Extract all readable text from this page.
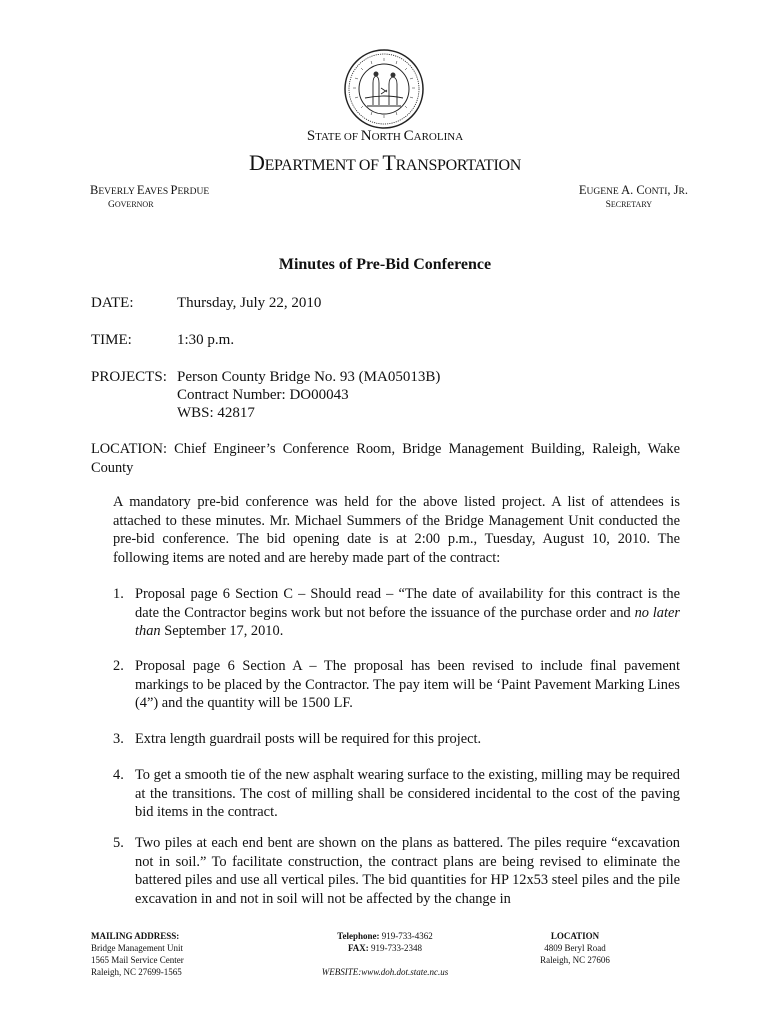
STATE OF NORTH CAROLINA
DEPARTMENT OF TRANSPORTATION
BEVERLY EAVES PERDUE
GOVERNOR
EUGENE A. CONTI, JR.
SECRETARY
Minutes of Pre-Bid Conference
DATE:	Thursday, July 22, 2010
TIME:	1:30 p.m.
PROJECTS: Person County Bridge No. 93 (MA05013B)
Contract Number: DO00043
WBS: 42817
LOCATION: Chief Engineer’s Conference Room, Bridge Management Building, Raleigh, Wake County
A mandatory pre-bid conference was held for the above listed project. A list of attendees is attached to these minutes. Mr. Michael Summers of the Bridge Management Unit conducted the pre-bid conference. The bid opening date is at 2:00 p.m., Tuesday, August 10, 2010. The following items are noted and are hereby made part of the contract:
1. Proposal page 6 Section C – Should read – “The date of availability for this contract is the date the Contractor begins work but not before the issuance of the purchase order and no later than September 17, 2010.
2. Proposal page 6 Section A – The proposal has been revised to include final pavement markings to be placed by the Contractor. The pay item will be ‘Paint Pavement Marking Lines (4”) and the quantity will be 1500 LF.
3. Extra length guardrail posts will be required for this project.
4. To get a smooth tie of the new asphalt wearing surface to the existing, milling may be required at the transitions. The cost of milling shall be considered incidental to the cost of the paving bid items in the contract.
5. Two piles at each end bent are shown on the plans as battered. The piles require “excavation not in soil.” To facilitate construction, the contract plans are being revised to eliminate the battered piles and use all vertical piles. The bid quantities for HP 12x53 steel piles and the pile excavation in and not in soil will not be affected by the change in
MAILING ADDRESS:
Bridge Management Unit
1565 Mail Service Center
Raleigh, NC 27699-1565
Telephone: 919-733-4362
FAX: 919-733-2348
WEBSITE:www.doh.dot.state.nc.us
LOCATION
4809 Beryl Road
Raleigh, NC 27606
